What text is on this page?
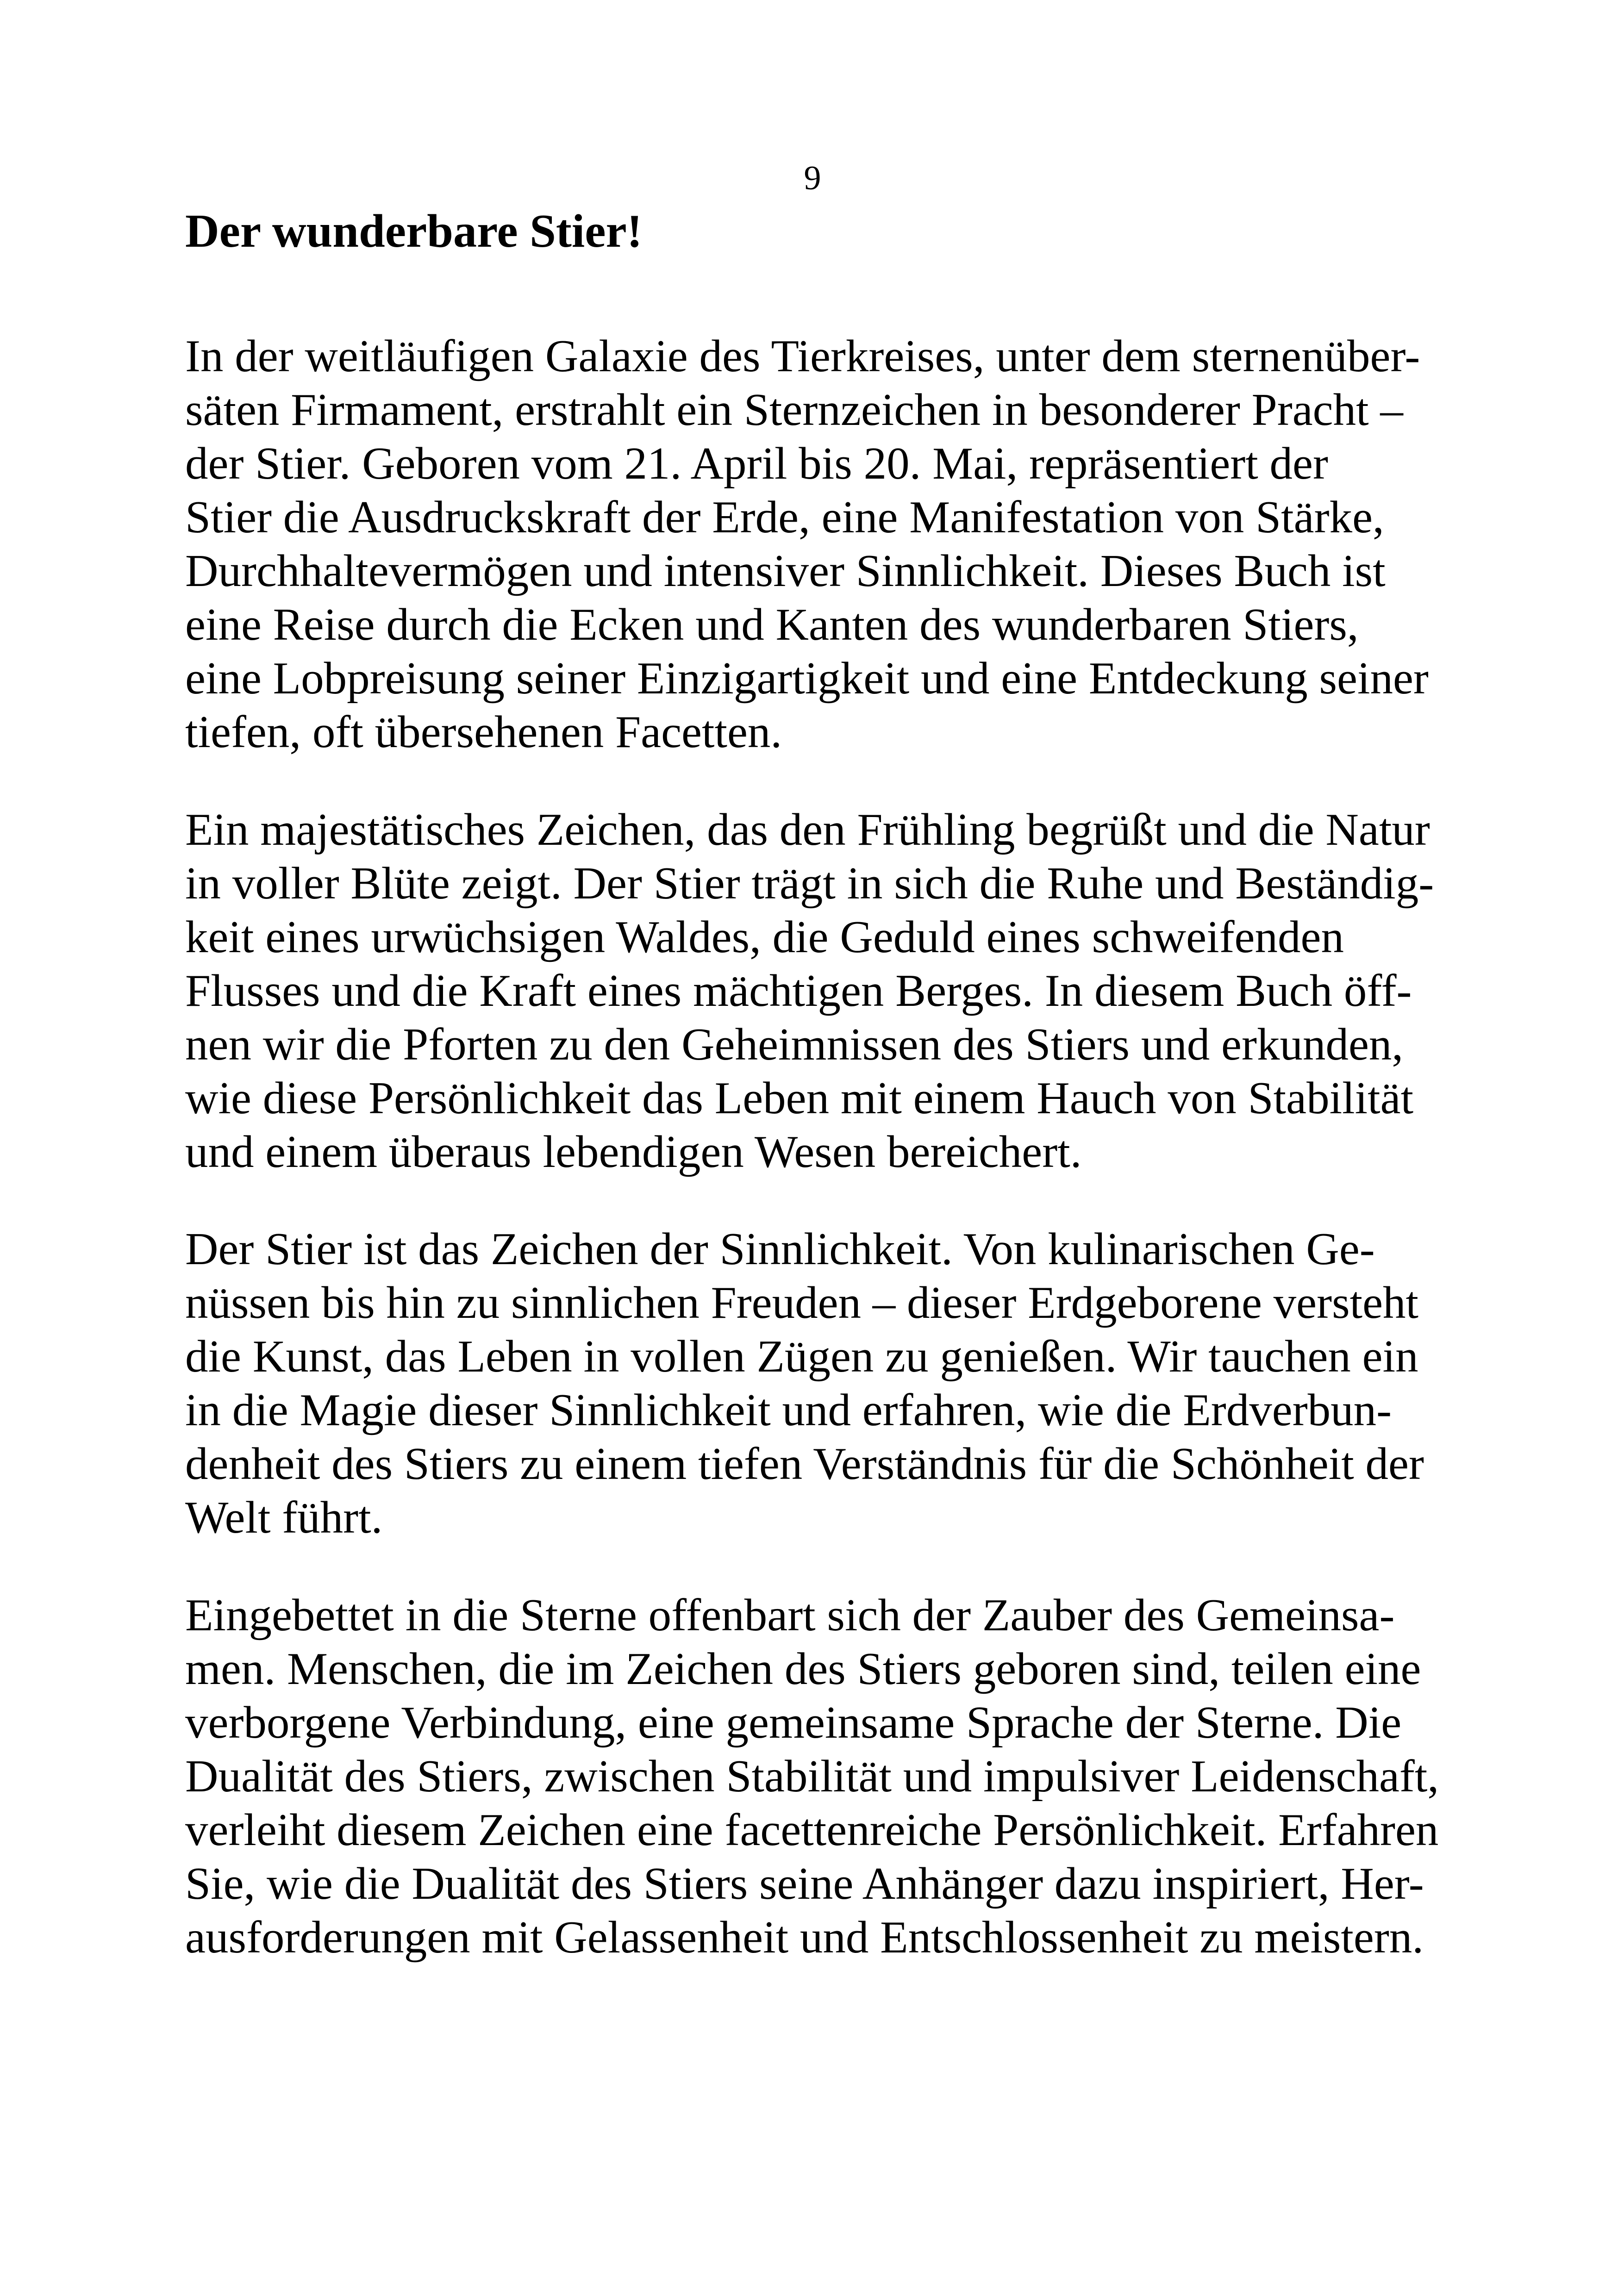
9
Der wunderbare Stier!

In der weitläufigen Galaxie des Tierkreises, unter dem sternenüber-
säten Firmament, erstrahlt ein Sternzeichen in besonderer Pracht –
der Stier. Geboren vom 21. April bis 20. Mai, repräsentiert der
Stier die Ausdruckskraft der Erde, eine Manifestation von Stärke,
Durchhaltevermögen und intensiver Sinnlichkeit. Dieses Buch ist
eine Reise durch die Ecken und Kanten des wunderbaren Stiers,
eine Lobpreisung seiner Einzigartigkeit und eine Entdeckung seiner
tiefen, oft übersehenen Facetten.

Ein majestätisches Zeichen, das den Frühling begrüßt und die Natur
in voller Blüte zeigt. Der Stier trägt in sich die Ruhe und Beständig-
keit eines urwüchsigen Waldes, die Geduld eines schweifenden
Flusses und die Kraft eines mächtigen Berges. In diesem Buch öff-
nen wir die Pforten zu den Geheimnissen des Stiers und erkunden,
wie diese Persönlichkeit das Leben mit einem Hauch von Stabilität
und einem überaus lebendigen Wesen bereichert.

Der Stier ist das Zeichen der Sinnlichkeit. Von kulinarischen Ge-
nüssen bis hin zu sinnlichen Freuden – dieser Erdgeborene versteht
die Kunst, das Leben in vollen Zügen zu genießen. Wir tauchen ein
in die Magie dieser Sinnlichkeit und erfahren, wie die Erdverbun-
denheit des Stiers zu einem tiefen Verständnis für die Schönheit der
Welt führt.

Eingebettet in die Sterne offenbart sich der Zauber des Gemeinsa-
men. Menschen, die im Zeichen des Stiers geboren sind, teilen eine
verborgene Verbindung, eine gemeinsame Sprache der Sterne. Die
Dualität des Stiers, zwischen Stabilität und impulsiver Leidenschaft,
verleiht diesem Zeichen eine facettenreiche Persönlichkeit. Erfahren
Sie, wie die Dualität des Stiers seine Anhänger dazu inspiriert, Her-
ausforderungen mit Gelassenheit und Entschlossenheit zu meistern.
